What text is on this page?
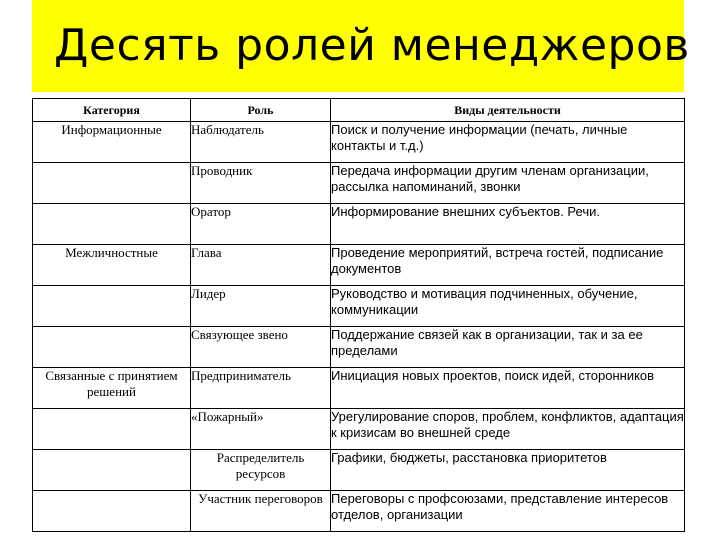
Десять ролей менеджеров
Категория	Роль	Виды деятельности
Информационные	Наблюдатель	Поиск и получение информации (печать, личные контакты и т.д.)
	Проводник	Передача информации другим членам организации, рассылка напоминаний, звонки
	Оратор	Информирование внешних субъектов. Речи.
Межличностные	Глава	Проведение мероприятий, встреча гостей, подписание документов
	Лидер	Руководство и мотивация подчиненных, обучение, коммуникации
	Связующее звено	Поддержание связей как в организации, так и за ее пределами
Связанные с принятием решений	Предприниматель	Инициация новых проектов, поиск идей, сторонников
	«Пожарный»	Урегулирование споров, проблем, конфликтов, адаптация к кризисам во внешней среде
	Распределитель ресурсов	Графики, бюджеты, расстановка приоритетов
	Участник переговоров	Переговоры с профсоюзами, представление интересов отделов, организации
